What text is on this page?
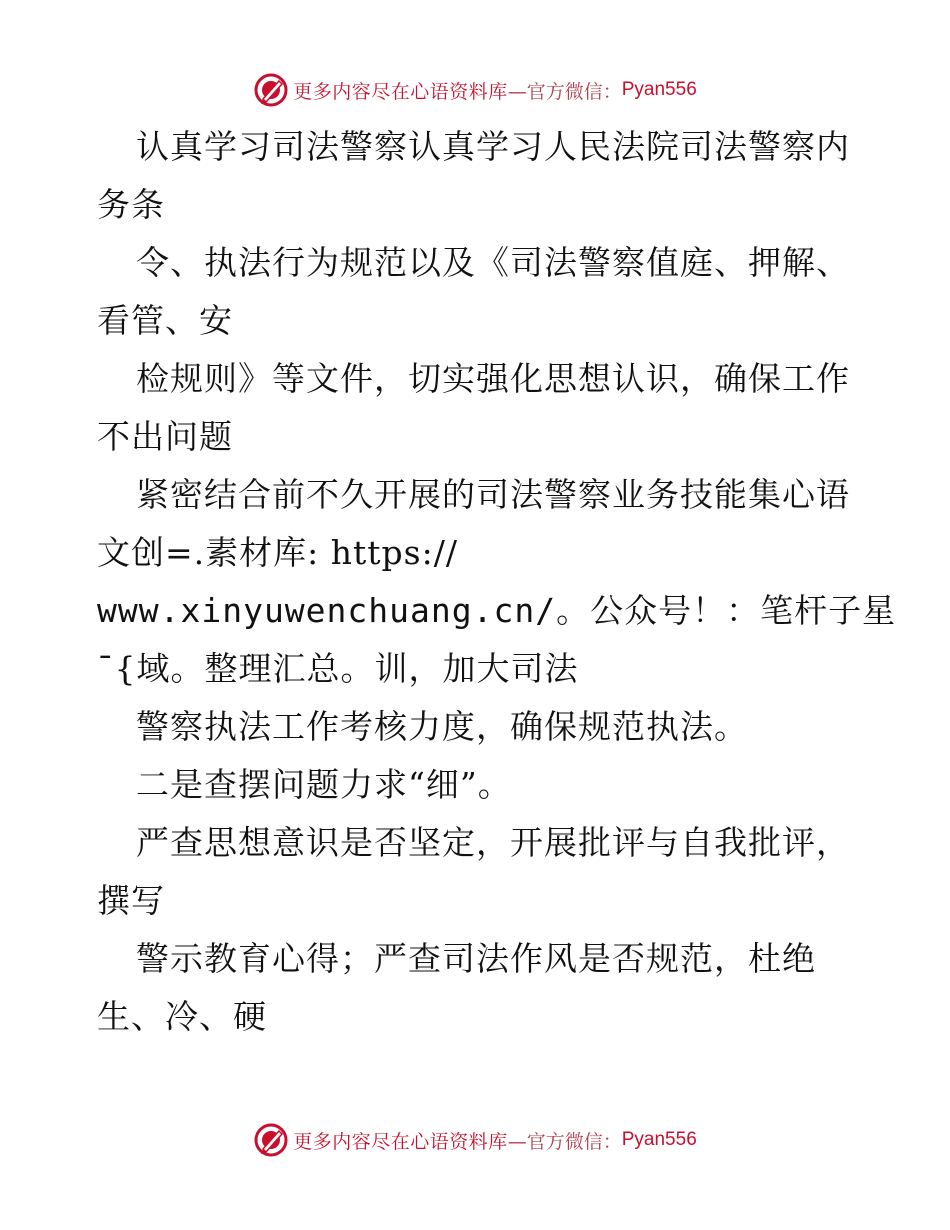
更多内容尽在心语资料库 —官方微信： Pyan556
认真学习司法警察认真学习人民法院司法警察内
务条
令、执法行为规范以及《司法警察值庭、押解、
看管、安
检规则》等文件，切实强化思想认识，确保工作
不出问题
紧密结合前不久开展的司法警察业务技能集心语
文创=.素材库: https://
www.xinyuwenchuang.cn/。公众号！：笔杆子星
¯{域。整理汇总。训，加大司法
警察执法工作考核力度，确保规范执法。
二是查摆问题力求“细”。
严查思想意识是否坚定，开展批评与自我批评，
撰写
警示教育心得；严查司法作风是否规范，杜绝
生、冷、硬
更多内容尽在心语资料库 —官方微信： Pyan556
